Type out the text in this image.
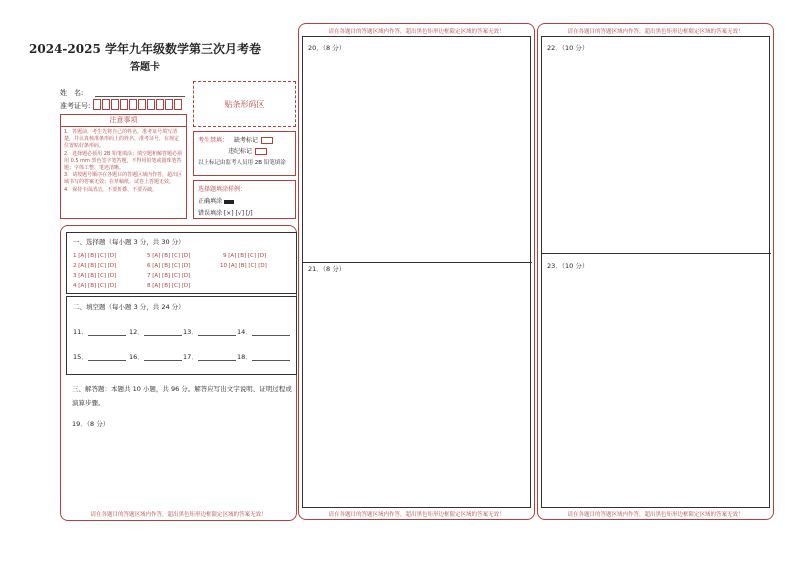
2024-2025 学年九年级数学第三次月考卷
答题卡
姓　名:
准考证号:	贴条形码区
注意事项
1．答题前，考生先将自己的姓名，准考证号填写清楚，并认真核准条形码上的姓名、准考证号，在规定位置贴好条形码。
2．选择题必须用 2B 铅笔填涂；填空题和解答题必须用 0.5 mm 黑色签字笔答题，不得用铅笔或圆珠笔答题；字体工整、笔迹清晰。
3．请按题号顺序在各题目的答题区域内作答，超出区域书写的答案无效；在草稿纸、试卷上答题无效。
4．保持卡面清洁，不要折叠、不要弄破。
考生禁填： 缺考标记
违纪标记
以上标记由监考人员用 2B 铅笔填涂
选择题填涂样例：
正确填涂
错误填涂 [×] [√] [/]
一、选择题（每小题 3 分，共 30 分）
1 [A] [B] [C] [D]
2 [A] [B] [C] [D]
3 [A] [B] [C] [D]
4 [A] [B] [C] [D]
5 [A] [B] [C] [D]
6 [A] [B] [C] [D]
7 [A] [B] [C] [D]
8 [A] [B] [C] [D]
9 [A] [B] [C] [D]
10 [A] [B] [C] [D]
二、填空题（每小题 3 分，共 24 分）
11．	12．	13．	14．
15．	16．	17．	18．
三、解答题：本题共 10 小题，共 96 分。解答应写出文字说明、证明过程或演算步骤。
19．（8 分）
请在各题目的答题区域内作答，超出黑色矩形边框限定区域的答案无效！
请在各题目的答题区域内作答，超出黑色矩形边框限定区域的答案无效！
20．（8 分）
21．（8 分）
请在各题目的答题区域内作答，超出黑色矩形边框限定区域的答案无效！
请在各题目的答题区域内作答，超出黑色矩形边框限定区域的答案无效！
22．（10 分）
23．（10 分）
请在各题目的答题区域内作答，超出黑色矩形边框限定区域的答案无效！
